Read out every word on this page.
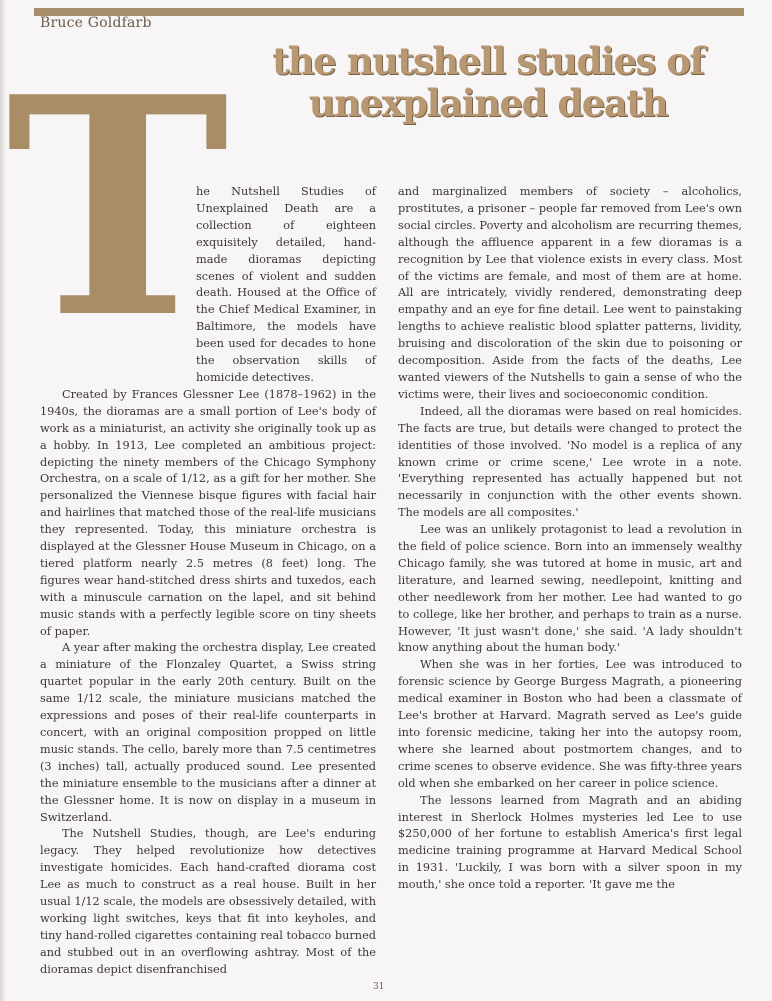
Bruce Goldfarb
the nutshell studies of unexplained death
T

he Nutshell Studies of Unexplained Death are a collection of eighteen exquisitely detailed, hand-made dioramas depicting scenes of violent and sudden death. Housed at the Office of the Chief Medical Examiner, in Baltimore, the models have been used for decades to hone the observation skills of homicide detectives.

Created by Frances Glessner Lee (1878–1962) in the 1940s, the dioramas are a small portion of Lee's body of work as a miniaturist, an activity she originally took up as a hobby. In 1913, Lee completed an ambitious project: depicting the ninety members of the Chicago Symphony Orchestra, on a scale of 1/12, as a gift for her mother. She personalized the Viennese bisque figures with facial hair and hairlines that matched those of the real-life musicians they represented. Today, this miniature orchestra is displayed at the Glessner House Museum in Chicago, on a tiered platform nearly 2.5 metres (8 feet) long. The figures wear hand-stitched dress shirts and tuxedos, each with a minuscule carnation on the lapel, and sit behind music stands with a perfectly legible score on tiny sheets of paper.

A year after making the orchestra display, Lee created a miniature of the Flonzaley Quartet, a Swiss string quartet popular in the early 20th century. Built on the same 1/12 scale, the miniature musicians matched the expressions and poses of their real-life counterparts in concert, with an original composition propped on little music stands. The cello, barely more than 7.5 centimetres (3 inches) tall, actually produced sound. Lee presented the miniature ensemble to the musicians after a dinner at the Glessner home. It is now on display in a museum in Switzerland.

The Nutshell Studies, though, are Lee's enduring legacy. They helped revolutionize how detectives investigate homicides. Each hand-crafted diorama cost Lee as much to construct as a real house. Built in her usual 1/12 scale, the models are obsessively detailed, with working light switches, keys that fit into keyholes, and tiny hand-rolled cigarettes containing real tobacco burned and stubbed out in an overflowing ashtray. Most of the dioramas depict disenfranchised

and marginalized members of society – alcoholics, prostitutes, a prisoner – people far removed from Lee's own social circles. Poverty and alcoholism are recurring themes, although the affluence apparent in a few dioramas is a recognition by Lee that violence exists in every class. Most of the victims are female, and most of them are at home. All are intricately, vividly rendered, demonstrating deep empathy and an eye for fine detail. Lee went to painstaking lengths to achieve realistic blood splatter patterns, lividity, bruising and discoloration of the skin due to poisoning or decomposition. Aside from the facts of the deaths, Lee wanted viewers of the Nutshells to gain a sense of who the victims were, their lives and socioeconomic condition.

Indeed, all the dioramas were based on real homicides. The facts are true, but details were changed to protect the identities of those involved. 'No model is a replica of any known crime or crime scene,' Lee wrote in a note. 'Everything represented has actually happened but not necessarily in conjunction with the other events shown. The models are all composites.'

Lee was an unlikely protagonist to lead a revolution in the field of police science. Born into an immensely wealthy Chicago family, she was tutored at home in music, art and literature, and learned sewing, needlepoint, knitting and other needlework from her mother. Lee had wanted to go to college, like her brother, and perhaps to train as a nurse. However, 'It just wasn't done,' she said. 'A lady shouldn't know anything about the human body.'

When she was in her forties, Lee was introduced to forensic science by George Burgess Magrath, a pioneering medical examiner in Boston who had been a classmate of Lee's brother at Harvard. Magrath served as Lee's guide into forensic medicine, taking her into the autopsy room, where she learned about postmortem changes, and to crime scenes to observe evidence. She was fifty-three years old when she embarked on her career in police science.

The lessons learned from Magrath and an abiding interest in Sherlock Holmes mysteries led Lee to use $250,000 of her fortune to establish America's first legal medicine training programme at Harvard Medical School in 1931. 'Luckily, I was born with a silver spoon in my mouth,' she once told a reporter. 'It gave me the

31
